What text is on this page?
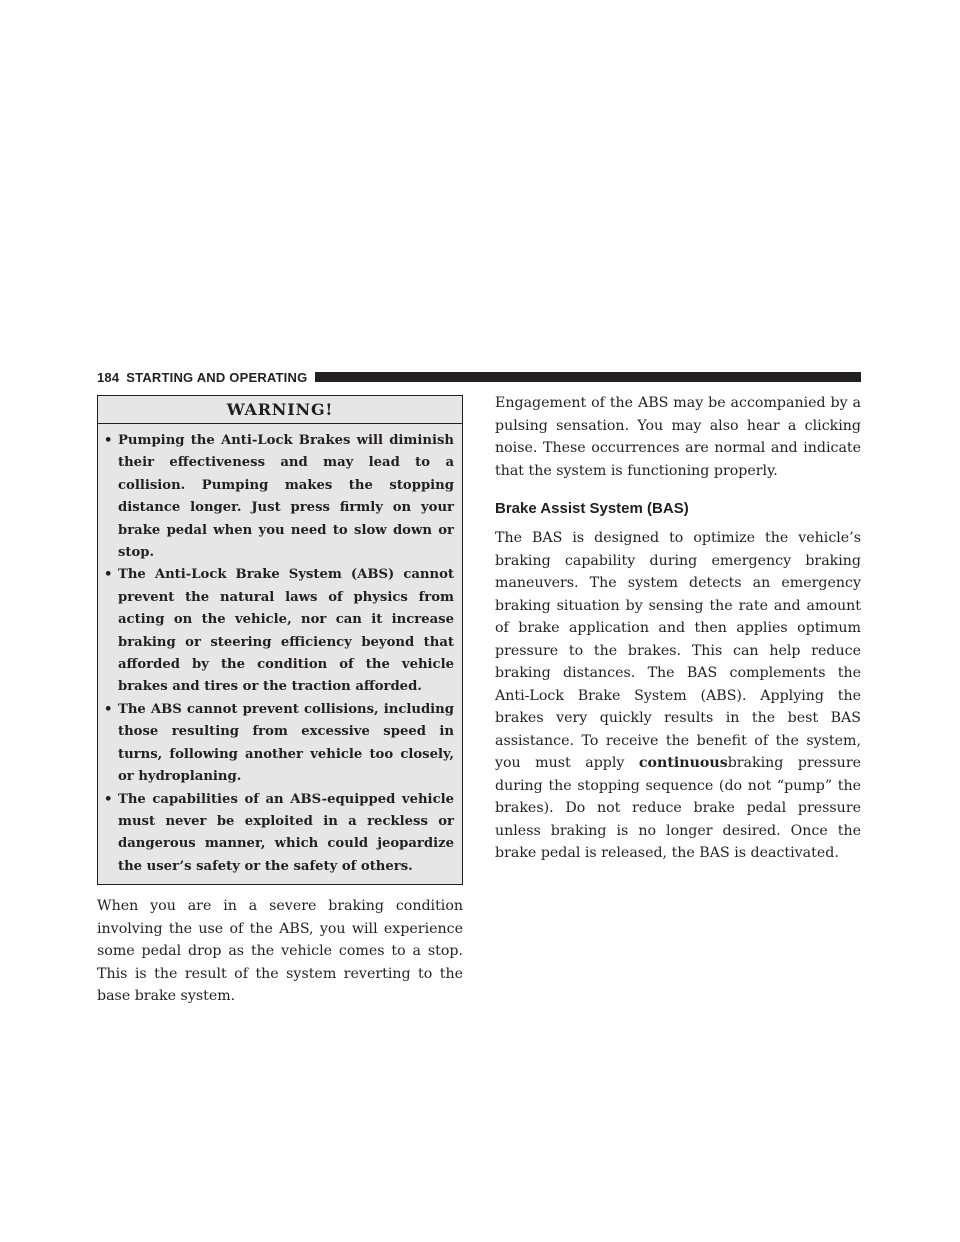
184 STARTING AND OPERATING
WARNING!
• Pumping the Anti-Lock Brakes will diminish their effectiveness and may lead to a collision. Pumping makes the stopping distance longer. Just press firmly on your brake pedal when you need to slow down or stop.
• The Anti-Lock Brake System (ABS) cannot prevent the natural laws of physics from acting on the vehicle, nor can it increase braking or steering efficiency beyond that afforded by the condition of the vehicle brakes and tires or the traction afforded.
• The ABS cannot prevent collisions, including those resulting from excessive speed in turns, following another vehicle too closely, or hydroplaning.
• The capabilities of an ABS-equipped vehicle must never be exploited in a reckless or dangerous manner, which could jeopardize the user’s safety or the safety of others.

When you are in a severe braking condition involving the use of the ABS, you will experience some pedal drop as the vehicle comes to a stop. This is the result of the system reverting to the base brake system.

Engagement of the ABS may be accompanied by a pulsing sensation. You may also hear a clicking noise. These occurrences are normal and indicate that the system is functioning properly.

Brake Assist System (BAS)

The BAS is designed to optimize the vehicle’s braking capability during emergency braking maneuvers. The system detects an emergency braking situation by sensing the rate and amount of brake application and then applies optimum pressure to the brakes. This can help reduce braking distances. The BAS complements the Anti-Lock Brake System (ABS). Applying the brakes very quickly results in the best BAS assistance. To receive the benefit of the system, you must apply continuousbraking pressure during the stopping sequence (do not “pump” the brakes). Do not reduce brake pedal pressure unless braking is no longer desired. Once the brake pedal is released, the BAS is deactivated.
